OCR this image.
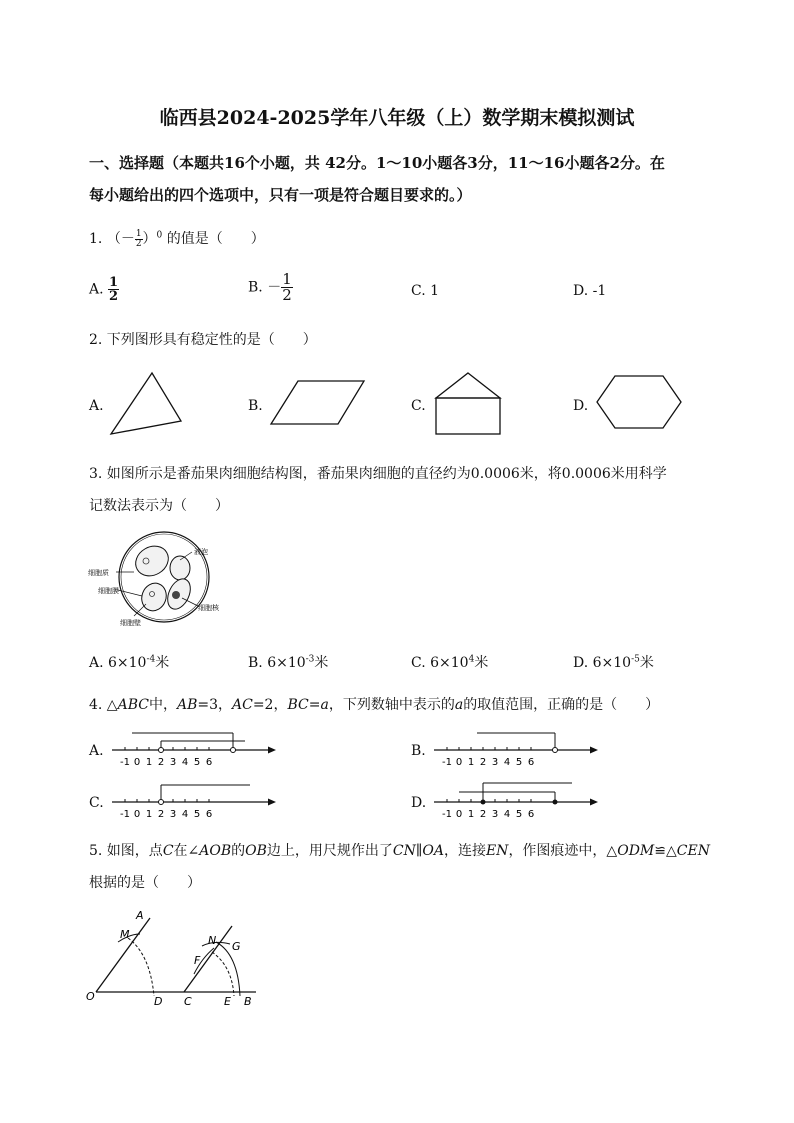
临西县2024-2025学年八年级（上）数学期末模拟测试
一、选择题（本题共16个小题，共 42分。1～10小题各3分，11～16小题各2分。在
每小题给出的四个选项中，只有一项是符合题目要求的。）
1. （－ $\frac{1}{2} )^0$ 的值是（　　）
A. $\frac{1}{2}$	B. － $\frac{1}{2}$	C. 1	D. -1
2. 下列图形具有稳定性的是（　　）
A.	B.	C.	D.
3. 如图所示是番茄果肉细胞结构图，番茄果肉细胞的直径约为0.0006米，将0.0006米用科学
记数法表示为（　　）
细胞质
细胞膜
细胞壁
液泡
细胞核
A. $6\times 10^{-4}$米	B. $6\times 10^{-3}$米	C. $6\times 10^4$米	D. $6\times 10^{-5}$米
4. △ABC中，AB=3，AC=2，BC=a，下列数轴中表示的a的取值范围，正确的是（　　）
A.	B.
C.	D.
-1 0 1 2 3 4 5 6	-1 0 1 2 3 4 5 6
-1 0 1 2 3 4 5 6	-1 0 1 2 3 4 5 6
5. 如图，点C在∠AOB的OB边上，用尺规作出了CN∥OA，连接EN，作图痕迹中，△ODM≌△CEN
根据的是（　　）
A
M
O	D C	E B
N G
F
